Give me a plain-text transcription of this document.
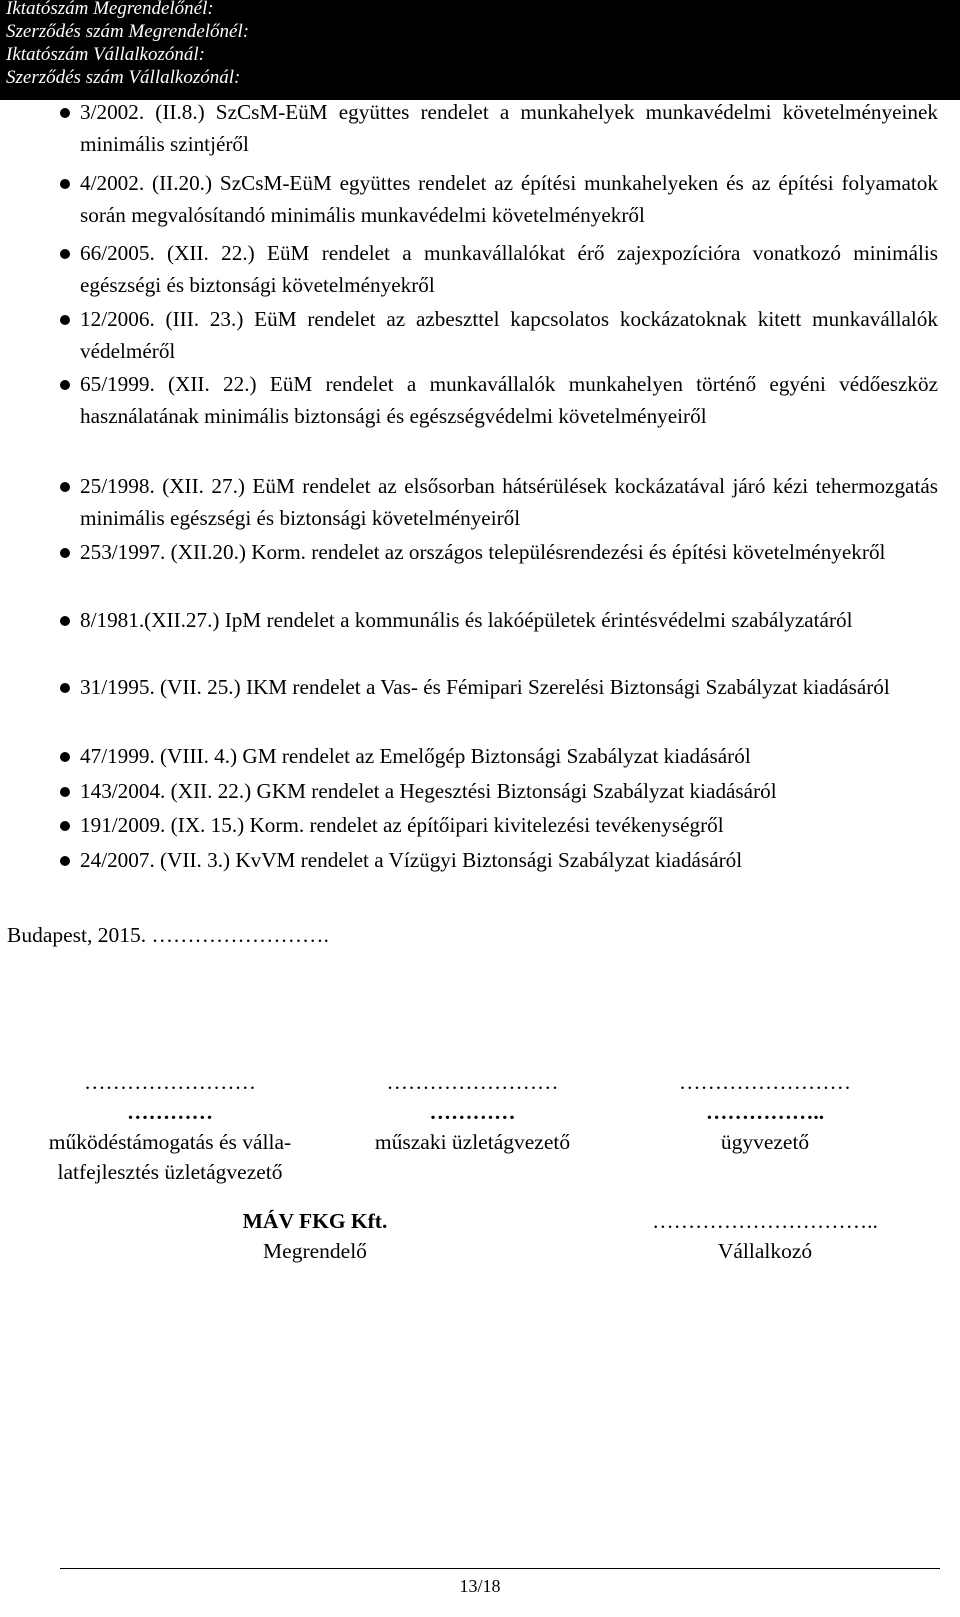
Iktatószám Megrendelőnél:
Szerződés szám Megrendelőnél:
Iktatószám Vállalkozónál:
Szerződés szám Vállalkozónál:
3/2002. (II.8.) SzCsM-EüM együttes rendelet a munkahelyek munkavédelmi követelményeinek minimális szintjéről
4/2002. (II.20.) SzCsM-EüM együttes rendelet az építési munkahelyeken és az építési folyamatok során megvalósítandó minimális munkavédelmi követelményekről
66/2005. (XII. 22.) EüM rendelet a munkavállalókat érő zajexpozícióra vonatkozó minimális egészségi és biztonsági követelményekről
12/2006. (III. 23.) EüM rendelet az azbeszttel kapcsolatos kockázatoknak kitett munkavállalók védelméről
65/1999. (XII. 22.) EüM rendelet a munkavállalók munkahelyen történő egyéni védőeszköz használatának minimális biztonsági és egészségvédelmi követelményeiről
25/1998. (XII. 27.) EüM rendelet az elsősorban hátsérülések kockázatával járó kézi tehermozgatás minimális egészségi és biztonsági követelményeiről
253/1997. (XII.20.) Korm. rendelet az országos településrendezési és építési követelményekről
8/1981.(XII.27.) IpM rendelet a kommunális és lakóépületek érintésvédelmi szabályzatáról
31/1995. (VII. 25.) IKM rendelet a Vas- és Fémipari Szerelési Biztonsági Szabályzat kiadásáról
47/1999. (VIII. 4.) GM rendelet az Emelőgép Biztonsági Szabályzat kiadásáról
143/2004. (XII. 22.) GKM rendelet a Hegesztési Biztonsági Szabályzat kiadásáról
191/2009. (IX. 15.) Korm. rendelet az építőipari kivitelezési tevékenységről
24/2007. (VII. 3.) KvVM rendelet a Vízügyi Biztonsági Szabályzat kiadásáról
Budapest, 2015. …………………….
……………………
…………
működéstámogatás és válla-
latfejlesztés üzletágvezető
……………………
…………
műszaki üzletágvezető
……………………
……………..
ügyvezető
MÁV FKG Kft.
Megrendelő
…………………………..
Vállalkozó
13/18
